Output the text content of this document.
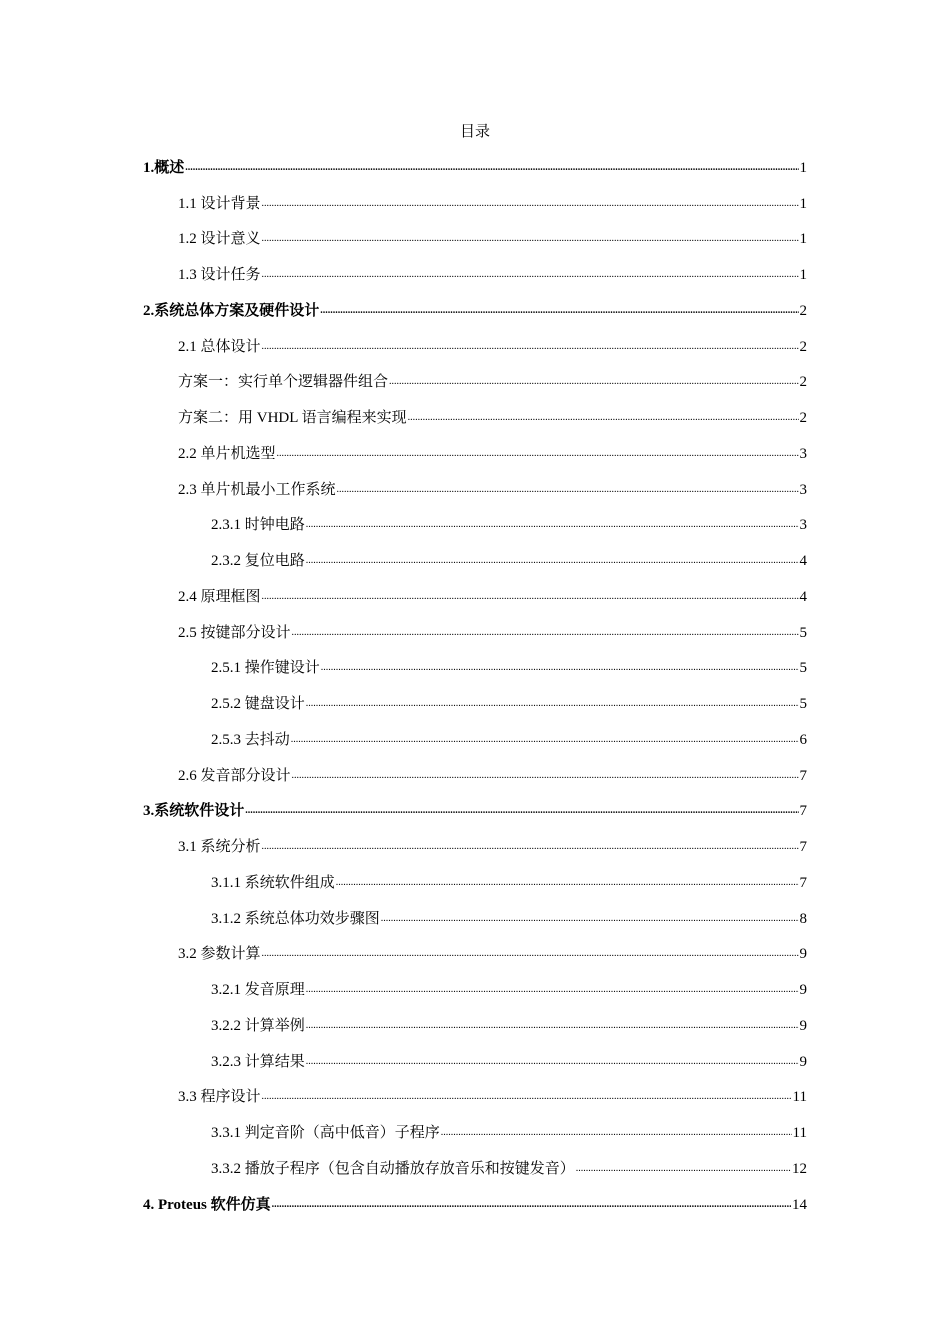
目录
1.概述 .....	1
1.1 设计背景 .....	1
1.2 设计意义 .....	1
1.3 设计任务 .....	1
2.系统总体方案及硬件设计 .....	2
2.1 总体设计 .....	2
方案一：实行单个逻辑器件组合 .....	2
方案二：用 VHDL 语言编程来实现 .....	2
2.2 单片机选型 .....	3
2.3 单片机最小工作系统 .....	3
2.3.1 时钟电路 .....	3
2.3.2 复位电路 .....	4
2.4 原理框图 .....	4
2.5 按键部分设计 .....	5
2.5.1 操作键设计 .....	5
2.5.2 键盘设计 .....	5
2.5.3 去抖动 .....	6
2.6 发音部分设计 .....	7
3.系统软件设计 .....	7
3.1 系统分析 .....	7
3.1.1 系统软件组成 .....	7
3.1.2 系统总体功效步骤图 .....	8
3.2 参数计算 .....	9
3.2.1 发音原理 .....	9
3.2.2 计算举例 .....	9
3.2.3 计算结果 .....	9
3.3 程序设计 .....	11
3.3.1 判定音阶（高中低音）子程序 .....	11
3.3.2 播放子程序（包含自动播放存放音乐和按键发音） .....	12
4. Proteus 软件仿真 .....	14
